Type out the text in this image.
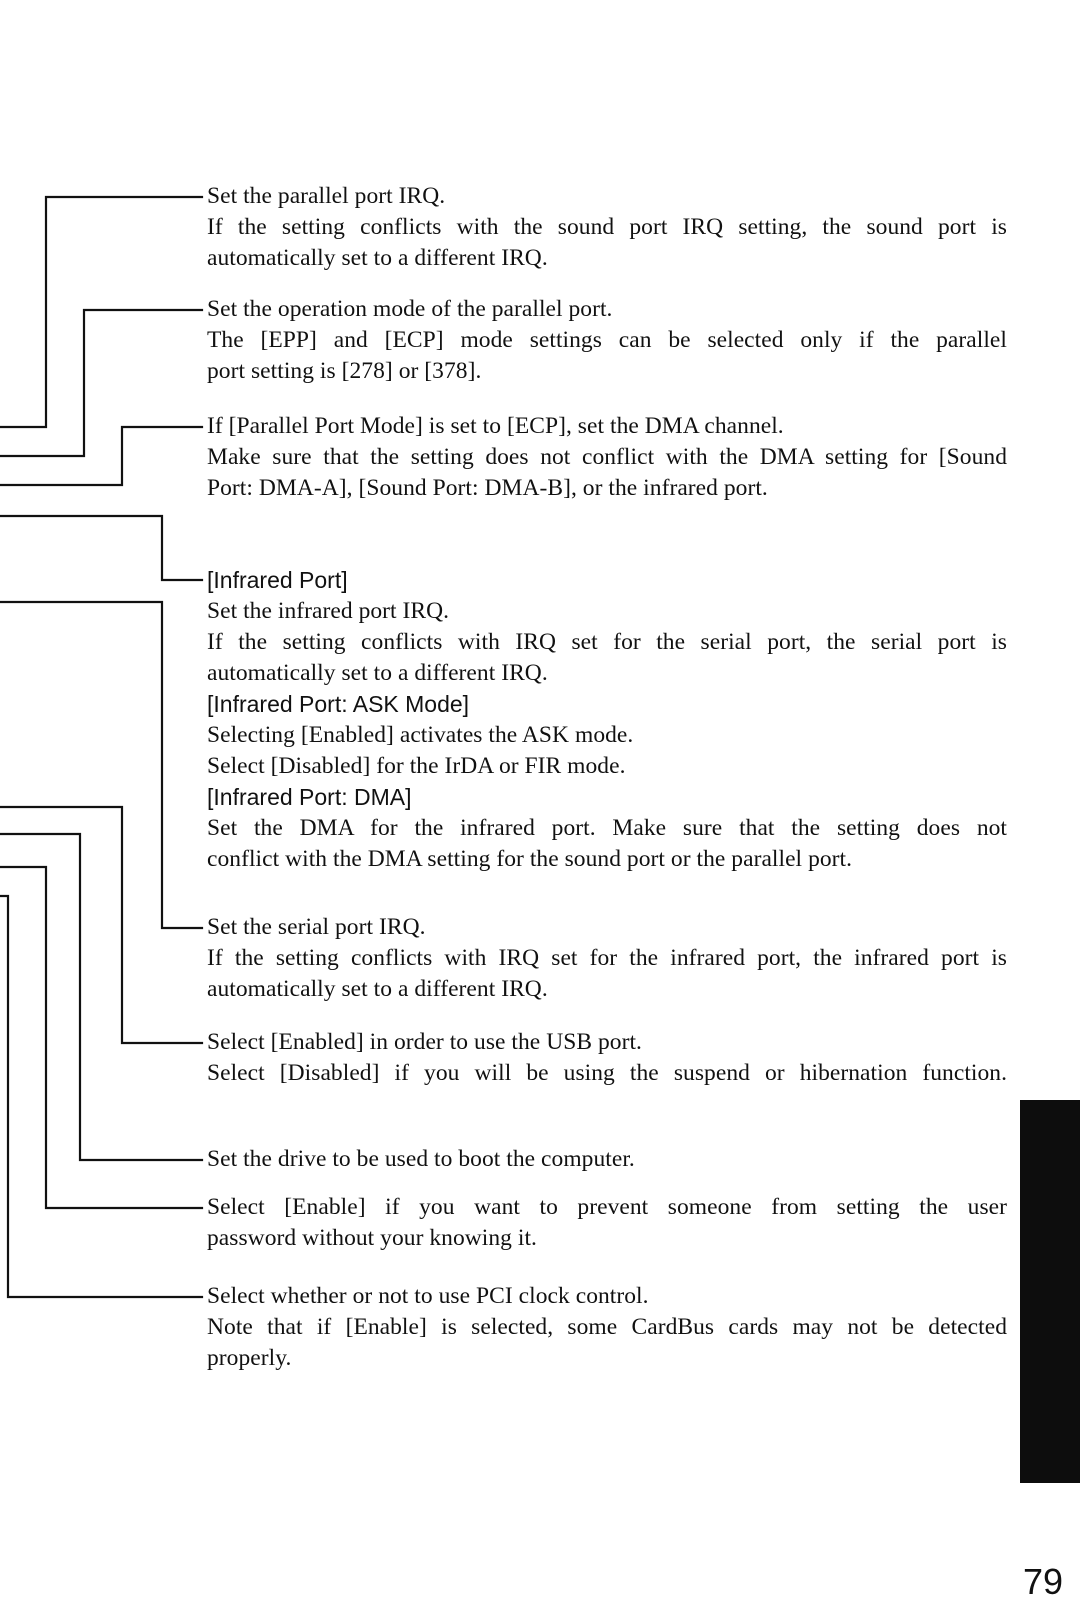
Set the parallel port IRQ.
If the setting conflicts with the sound port IRQ setting, the sound port is
automatically set to a different IRQ.
Set the operation mode of the parallel port.
The [EPP] and [ECP] mode settings can be selected only if the parallel
port setting is [278] or [378].
If [Parallel Port Mode] is set to [ECP], set the DMA channel.
Make sure that the setting does not conflict with the DMA setting for [Sound
Port: DMA-A], [Sound Port: DMA-B], or the infrared port.
[Infrared Port]
Set the infrared port IRQ.
If the setting conflicts with IRQ set for the serial port, the serial port is
automatically set to a different IRQ.
[Infrared Port: ASK Mode]
Selecting [Enabled] activates the ASK mode.
Select [Disabled] for the IrDA or FIR mode.
[Infrared Port: DMA]
Set the DMA for the infrared port. Make sure that the setting does not
conflict with the DMA setting for the sound port or the parallel port.
Set the serial port IRQ.
If the setting conflicts with IRQ set for the infrared port, the infrared port is
automatically set to a different IRQ.
Select [Enabled] in order to use the USB port.
Select [Disabled] if you will be using the suspend or hibernation function.
Set the drive to be used to boot the computer.
Select [Enable] if you want to prevent someone from setting the user
password without your knowing it.
Select whether or not to use PCI clock control.
Note that if [Enable] is selected, some CardBus cards may not be detected
properly.
79
